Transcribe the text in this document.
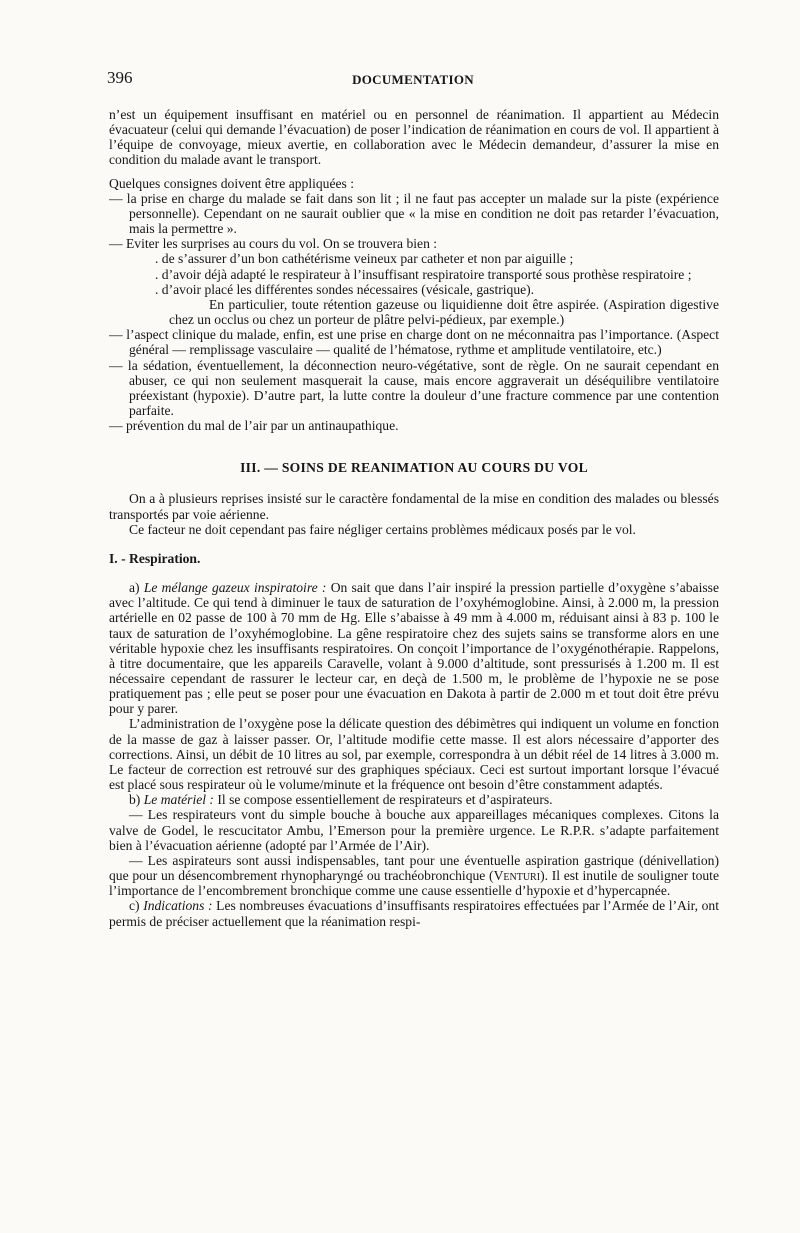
396	DOCUMENTATION

n’est un équipement insuffisant en matériel ou en personnel de réanimation. Il appartient au Médecin évacuateur (celui qui demande l’évacuation) de poser l’indication de réanimation en cours de vol. Il appartient à l’équipe de convoyage, mieux avertie, en collaboration avec le Médecin demandeur, d’assurer la mise en condition du malade avant le transport.

Quelques consignes doivent être appliquées :

— la prise en charge du malade se fait dans son lit ; il ne faut pas accepter un malade sur la piste (expérience personnelle). Cependant on ne saurait oublier que « la mise en condition ne doit pas retarder l’évacuation, mais la permettre ».

— Eviter les surprises au cours du vol. On se trouvera bien :

. de s’assurer d’un bon cathétérisme veineux par catheter et non par aiguille ;

. d’avoir déjà adapté le respirateur à l’insuffisant respiratoire transporté sous prothèse respiratoire ;

. d’avoir placé les différentes sondes nécessaires (vésicale, gastrique).

En particulier, toute rétention gazeuse ou liquidienne doit être aspirée. (Aspiration digestive chez un occlus ou chez un porteur de plâtre pelvi-pédieux, par exemple.)

— l’aspect clinique du malade, enfin, est une prise en charge dont on ne méconnaitra pas l’importance. (Aspect général — remplissage vasculaire — qualité de l’hématose, rythme et amplitude ventilatoire, etc.)

— la sédation, éventuellement, la déconnection neuro-végétative, sont de règle. On ne saurait cependant en abuser, ce qui non seulement masquerait la cause, mais encore aggraverait un déséquilibre ventilatoire préexistant (hypoxie). D’autre part, la lutte contre la douleur d’une fracture commence par une contention parfaite.

— prévention du mal de l’air par un antinaupathique.

III. — SOINS DE REANIMATION AU COURS DU VOL

On a à plusieurs reprises insisté sur le caractère fondamental de la mise en condition des malades ou blessés transportés par voie aérienne.

Ce facteur ne doit cependant pas faire négliger certains problèmes médicaux posés par le vol.

I. - Respiration.

a) Le mélange gazeux inspiratoire : On sait que dans l’air inspiré la pression partielle d’oxygène s’abaisse avec l’altitude. Ce qui tend à diminuer le taux de saturation de l’oxyhémoglobine. Ainsi, à 2.000 m, la pression artérielle en 02 passe de 100 à 70 mm de Hg. Elle s’abaisse à 49 mm à 4.000 m, réduisant ainsi à 83 p. 100 le taux de saturation de l’oxyhémoglobine. La gêne respiratoire chez des sujets sains se transforme alors en une véritable hypoxie chez les insuffisants respiratoires. On conçoit l’importance de l’oxygénothérapie. Rappelons, à titre documentaire, que les appareils Caravelle, volant à 9.000 d’altitude, sont pressurisés à 1.200 m. Il est nécessaire cependant de rassurer le lecteur car, en deçà de 1.500 m, le problème de l’hypoxie ne se pose pratiquement pas ; elle peut se poser pour une évacuation en Dakota à partir de 2.000 m et tout doit être prévu pour y parer.

L’administration de l’oxygène pose la délicate question des débimètres qui indiquent un volume en fonction de la masse de gaz à laisser passer. Or, l’altitude modifie cette masse. Il est alors nécessaire d’apporter des corrections. Ainsi, un débit de 10 litres au sol, par exemple, correspondra à un débit réel de 14 litres à 3.000 m. Le facteur de correction est retrouvé sur des graphiques spéciaux. Ceci est surtout important lorsque l’évacué est placé sous respirateur où le volume/minute et la fréquence ont besoin d’être constamment adaptés.

b) Le matériel : Il se compose essentiellement de respirateurs et d’aspirateurs.

— Les respirateurs vont du simple bouche à bouche aux appareillages mécaniques complexes. Citons la valve de Godel, le rescucitator Ambu, l’Emerson pour la première urgence. Le R.P.R. s’adapte parfaitement bien à l’évacuation aérienne (adopté par l’Armée de l’Air).

— Les aspirateurs sont aussi indispensables, tant pour une éventuelle aspiration gastrique (dénivellation) que pour un désencombrement rhynopharyngé ou trachéobronchique (Venturi). Il est inutile de souligner toute l’importance de l’encombrement bronchique comme une cause essentielle d’hypoxie et d’hypercapnée.

c) Indications : Les nombreuses évacuations d’insuffisants respiratoires effectuées par l’Armée de l’Air, ont permis de préciser actuellement que la réanimation respi-
